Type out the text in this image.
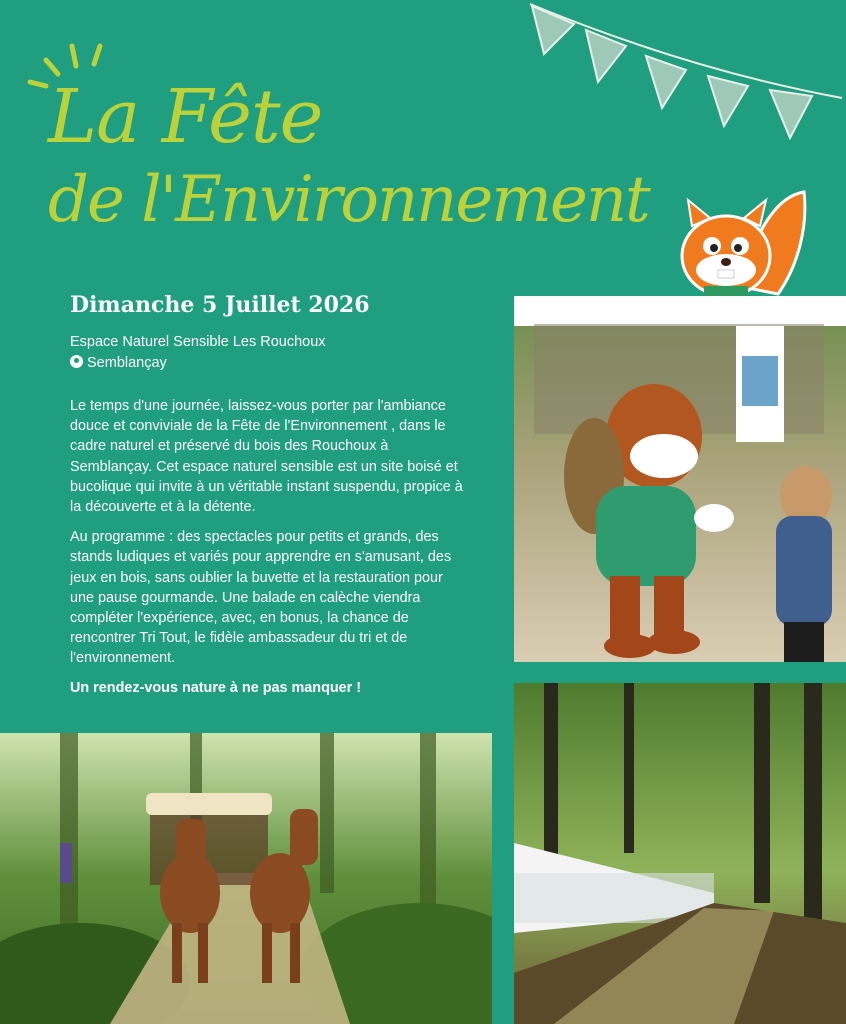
La Fête
de l'Environnement
Dimanche 5 Juillet 2026
Espace Naturel Sensible Les Rouchoux
Semblançay

Le temps d'une journée, laissez-vous porter par l'ambiance douce et conviviale de la Fête de l'Environnement , dans le cadre naturel et préservé du bois des Rouchoux à Semblançay. Cet espace naturel sensible est un site boisé et bucolique qui invite à un véritable instant suspendu, propice à la découverte et à la détente.

Au programme : des spectacles pour petits et grands, des stands ludiques et variés pour apprendre en s'amusant, des jeux en bois, sans oublier la buvette et la restauration pour une pause gourmande. Une balade en calèche viendra compléter l'expérience, avec, en bonus, la chance de rencontrer Tri Tout, le fidèle ambassadeur du tri et de l'environnement.

Un rendez-vous nature à ne pas manquer !
